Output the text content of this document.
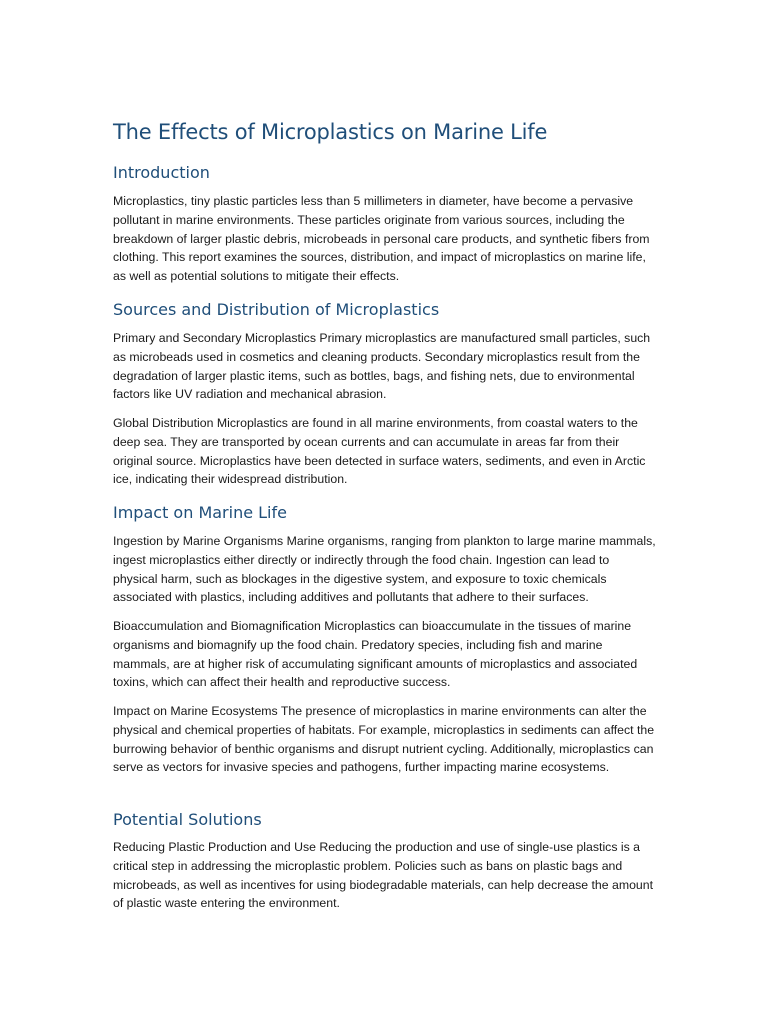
The Effects of Microplastics on Marine Life
Introduction

Microplastics, tiny plastic particles less than 5 millimeters in diameter, have become a pervasive pollutant in marine environments. These particles originate from various sources, including the breakdown of larger plastic debris, microbeads in personal care products, and synthetic fibers from clothing. This report examines the sources, distribution, and impact of microplastics on marine life, as well as potential solutions to mitigate their effects.

Sources and Distribution of Microplastics

Primary and Secondary Microplastics Primary microplastics are manufactured small particles, such as microbeads used in cosmetics and cleaning products. Secondary microplastics result from the degradation of larger plastic items, such as bottles, bags, and fishing nets, due to environmental factors like UV radiation and mechanical abrasion.

Global Distribution Microplastics are found in all marine environments, from coastal waters to the deep sea. They are transported by ocean currents and can accumulate in areas far from their original source. Microplastics have been detected in surface waters, sediments, and even in Arctic ice, indicating their widespread distribution.

Impact on Marine Life

Ingestion by Marine Organisms Marine organisms, ranging from plankton to large marine mammals, ingest microplastics either directly or indirectly through the food chain. Ingestion can lead to physical harm, such as blockages in the digestive system, and exposure to toxic chemicals associated with plastics, including additives and pollutants that adhere to their surfaces.

Bioaccumulation and Biomagnification Microplastics can bioaccumulate in the tissues of marine organisms and biomagnify up the food chain. Predatory species, including fish and marine mammals, are at higher risk of accumulating significant amounts of microplastics and associated toxins, which can affect their health and reproductive success.

Impact on Marine Ecosystems The presence of microplastics in marine environments can alter the physical and chemical properties of habitats. For example, microplastics in sediments can affect the burrowing behavior of benthic organisms and disrupt nutrient cycling. Additionally, microplastics can serve as vectors for invasive species and pathogens, further impacting marine ecosystems.

Potential Solutions

Reducing Plastic Production and Use Reducing the production and use of single-use plastics is a critical step in addressing the microplastic problem. Policies such as bans on plastic bags and microbeads, as well as incentives for using biodegradable materials, can help decrease the amount of plastic waste entering the environment.
